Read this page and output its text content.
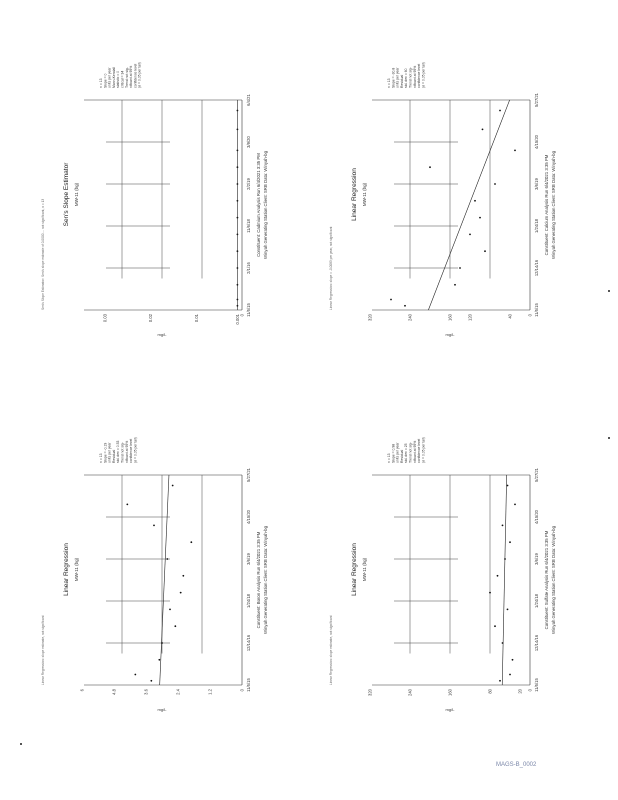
Sen's Slope Estimator: Sen's slope estimate of 0.0000 ... not significant, n = 13
Sen's Slope Estimator MW-11 (bg)
0
0.001
0.01
0.02
0.03
mg/L
11/5/15
2/1/16
11/6/18
2/2/19
3/9/20
6/4/21
n = 13 Slope = 0 units per year Mann-Kendall statistic = 0 critical = 34 Trend not sig- nificant at 95% confidence level (α = 0.05 per tail)
Constituent: Cadmium Analysis Run 6/4/2021 3:35 PM Winyah Generating Station Client: SRB Data: Winyah-bg
Linear Regression: slope = -0.0083 per year, not significant
Linear Regression MW-11 (bg)
0
40
120
160
240
320
mg/L
11/5/15
12/14/16
1/24/18
3/6/19
4/15/20
5/27/21
n = 13 Slope = -30.8 units per year Residual std. dev = 60 Trend not sig- nificant at 95% confidence level (α = 0.05 per tail)
Constituent: Calcium Analysis Run 6/4/2021 3:35 PM Winyah Generating Station Client: SRB Data: Winyah-bg
Linear Regression: slope estimate, not significant
Linear Regression MW-11 (bg)
0
1.2
2.4
3.6
4.8
6
mg/L
11/5/15
12/14/16
1/24/18
3/6/19
4/15/20
5/27/21
n = 13 Slope = -0.19 units per year Residual std. dev = 0.53 Trend not sig- nificant at 95% confidence level (α = 0.05 per tail)
Constituent: Boron Analysis Run 6/4/2021 3:35 PM Winyah Generating Station Client: SRB Data: Winyah-bg
Linear Regression: slope estimate, not significant
Linear Regression MW-11 (bg)
0
20
80
160
240
320
mg/L
11/5/15
12/14/16
1/24/18
3/6/19
4/15/20
5/27/21
n = 13 Slope = 0.98 units per year Residual std. dev = 25 Trend not sig- nificant at 95% confidence level (α = 0.05 per tail)
Constituent: Sulfate Analysis Run 6/4/2021 3:35 PM Winyah Generating Station Client: SRB Data: Winyah-bg
MAGS-B_0002
